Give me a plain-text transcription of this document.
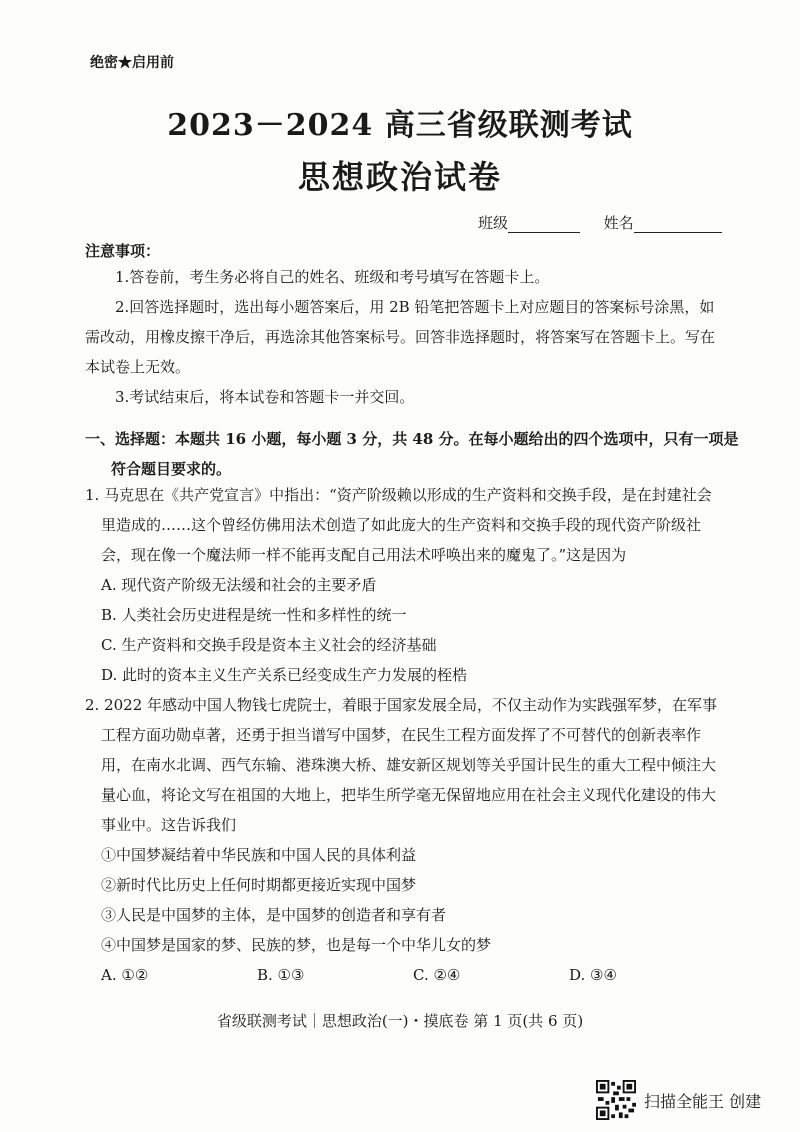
绝密★启用前
2023－2024 高三省级联测考试
思想政治试卷
班级	姓名
注意事项：

1.答卷前，考生务必将自己的姓名、班级和考号填写在答题卡上。

2.回答选择题时，选出每小题答案后，用 2B 铅笔把答题卡上对应题目的答案标号涂黑，如需改动，用橡皮擦干净后，再选涂其他答案标号。回答非选择题时，将答案写在答题卡上。写在本试卷上无效。

3.考试结束后，将本试卷和答题卡一并交回。

一、选择题：本题共 16 小题，每小题 3 分，共 48 分。在每小题给出的四个选项中，只有一项是符合题目要求的。
1. 马克思在《共产党宣言》中指出：“资产阶级赖以形成的生产资料和交换手段，是在封建社会里造成的……这个曾经仿佛用法术创造了如此庞大的生产资料和交换手段的现代资产阶级社会，现在像一个魔法师一样不能再支配自己用法术呼唤出来的魔鬼了。”这是因为
A. 现代资产阶级无法缓和社会的主要矛盾
B. 人类社会历史进程是统一性和多样性的统一
C. 生产资料和交换手段是资本主义社会的经济基础
D. 此时的资本主义生产关系已经变成生产力发展的桎梏
2. 2022 年感动中国人物钱七虎院士，着眼于国家发展全局，不仅主动作为实践强军梦，在军事工程方面功勋卓著，还勇于担当谱写中国梦，在民生工程方面发挥了不可替代的创新表率作用，在南水北调、西气东输、港珠澳大桥、雄安新区规划等关乎国计民生的重大工程中倾注大量心血，将论文写在祖国的大地上，把毕生所学毫无保留地应用在社会主义现代化建设的伟大事业中。这告诉我们
①中国梦凝结着中华民族和中国人民的具体利益
②新时代比历史上任何时期都更接近实现中国梦
③人民是中国梦的主体，是中国梦的创造者和享有者
④中国梦是国家的梦、民族的梦，也是每一个中华儿女的梦
A. ①②	B. ①③	C. ②④	D. ③④
省级联测考试｜思想政治(一)・摸底卷 第 1 页(共 6 页)
扫描全能王 创建
